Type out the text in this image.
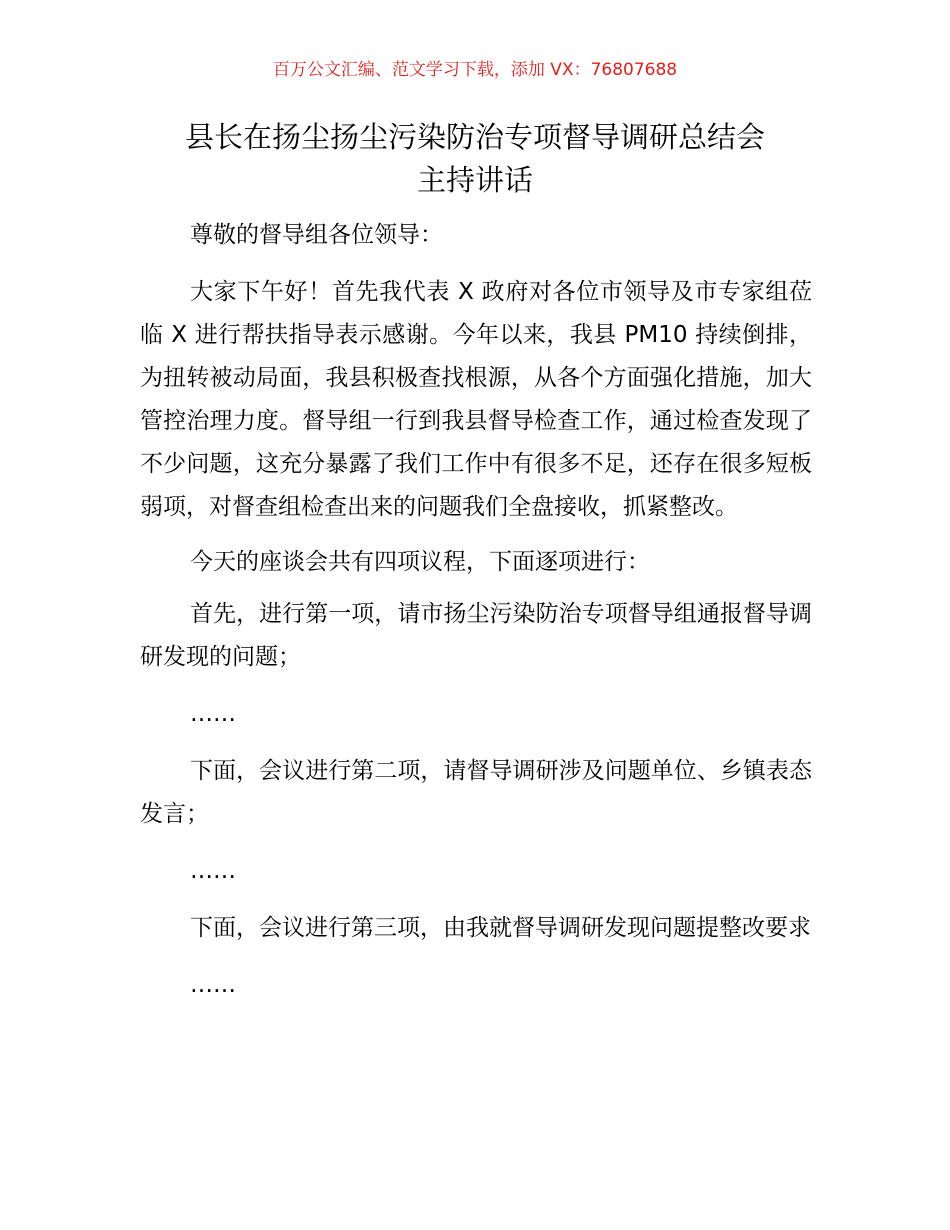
百万公文汇编、范文学习下载，添加 VX：76807688
县长在扬尘扬尘污染防治专项督导调研总结会
主持讲话

尊敬的督导组各位领导：

大家下午好！首先我代表 X 政府对各位市领导及市专家组莅临 X 进行帮扶指导表示感谢。今年以来，我县 PM10 持续倒排，为扭转被动局面，我县积极查找根源，从各个方面强化措施，加大管控治理力度。督导组一行到我县督导检查工作，通过检查发现了不少问题，这充分暴露了我们工作中有很多不足，还存在很多短板弱项，对督查组检查出来的问题我们全盘接收，抓紧整改。

今天的座谈会共有四项议程，下面逐项进行：

首先，进行第一项，请市扬尘污染防治专项督导组通报督导调研发现的问题；

……

下面，会议进行第二项，请督导调研涉及问题单位、乡镇表态发言；

……

下面，会议进行第三项，由我就督导调研发现问题提整改要求

……
